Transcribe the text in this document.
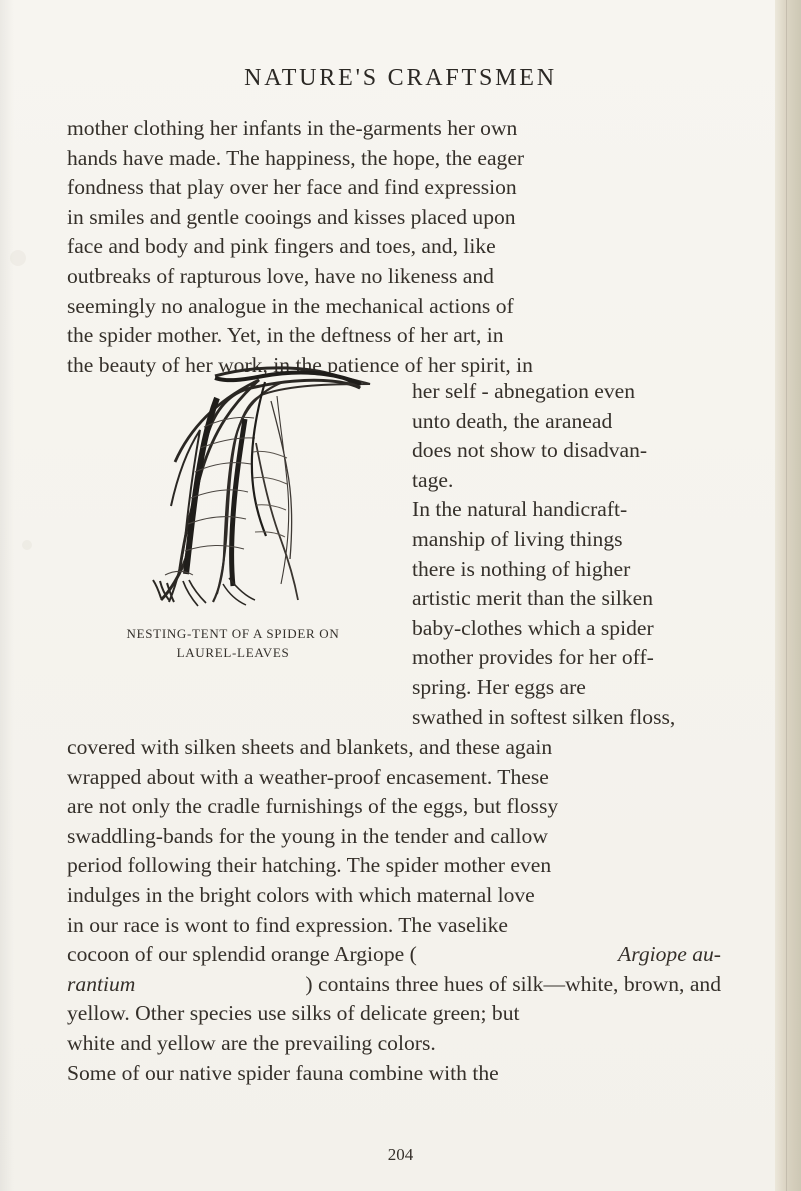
NATURE'S CRAFTSMEN
mother clothing her infants in the-garments her own
hands have made. The happiness, the hope, the eager
fondness that play over her face and find expression
in smiles and gentle cooings and kisses placed upon
face and body and pink fingers and toes, and, like
outbreaks of rapturous love, have no likeness and
seemingly no analogue in the mechanical actions of
the spider mother. Yet, in the deftness of her art, in
the beauty of her work, in the patience of her spirit, in
NESTING-TENT OF A SPIDER ON
LAUREL-LEAVES
her self - abnegation even
unto death, the aranead
does not show to disadvan-
tage.
In the natural handicraft-
manship of living things
there is nothing of higher
artistic merit than the silken
baby-clothes which a spider
mother provides for her off-
spring. Her eggs are
swathed in softest silken floss,
covered with silken sheets and blankets, and these again
wrapped about with a weather-proof encasement. These
are not only the cradle furnishings of the eggs, but flossy
swaddling-bands for the young in the tender and callow
period following their hatching. The spider mother even
indulges in the bright colors with which maternal love
in our race is wont to find expression. The vaselike
cocoon of our splendid orange Argiope (	Argiope au-
rantium	) contains three hues of silk—white, brown, and
yellow. Other species use silks of delicate green; but
white and yellow are the prevailing colors.
Some of our native spider fauna combine with the
204
